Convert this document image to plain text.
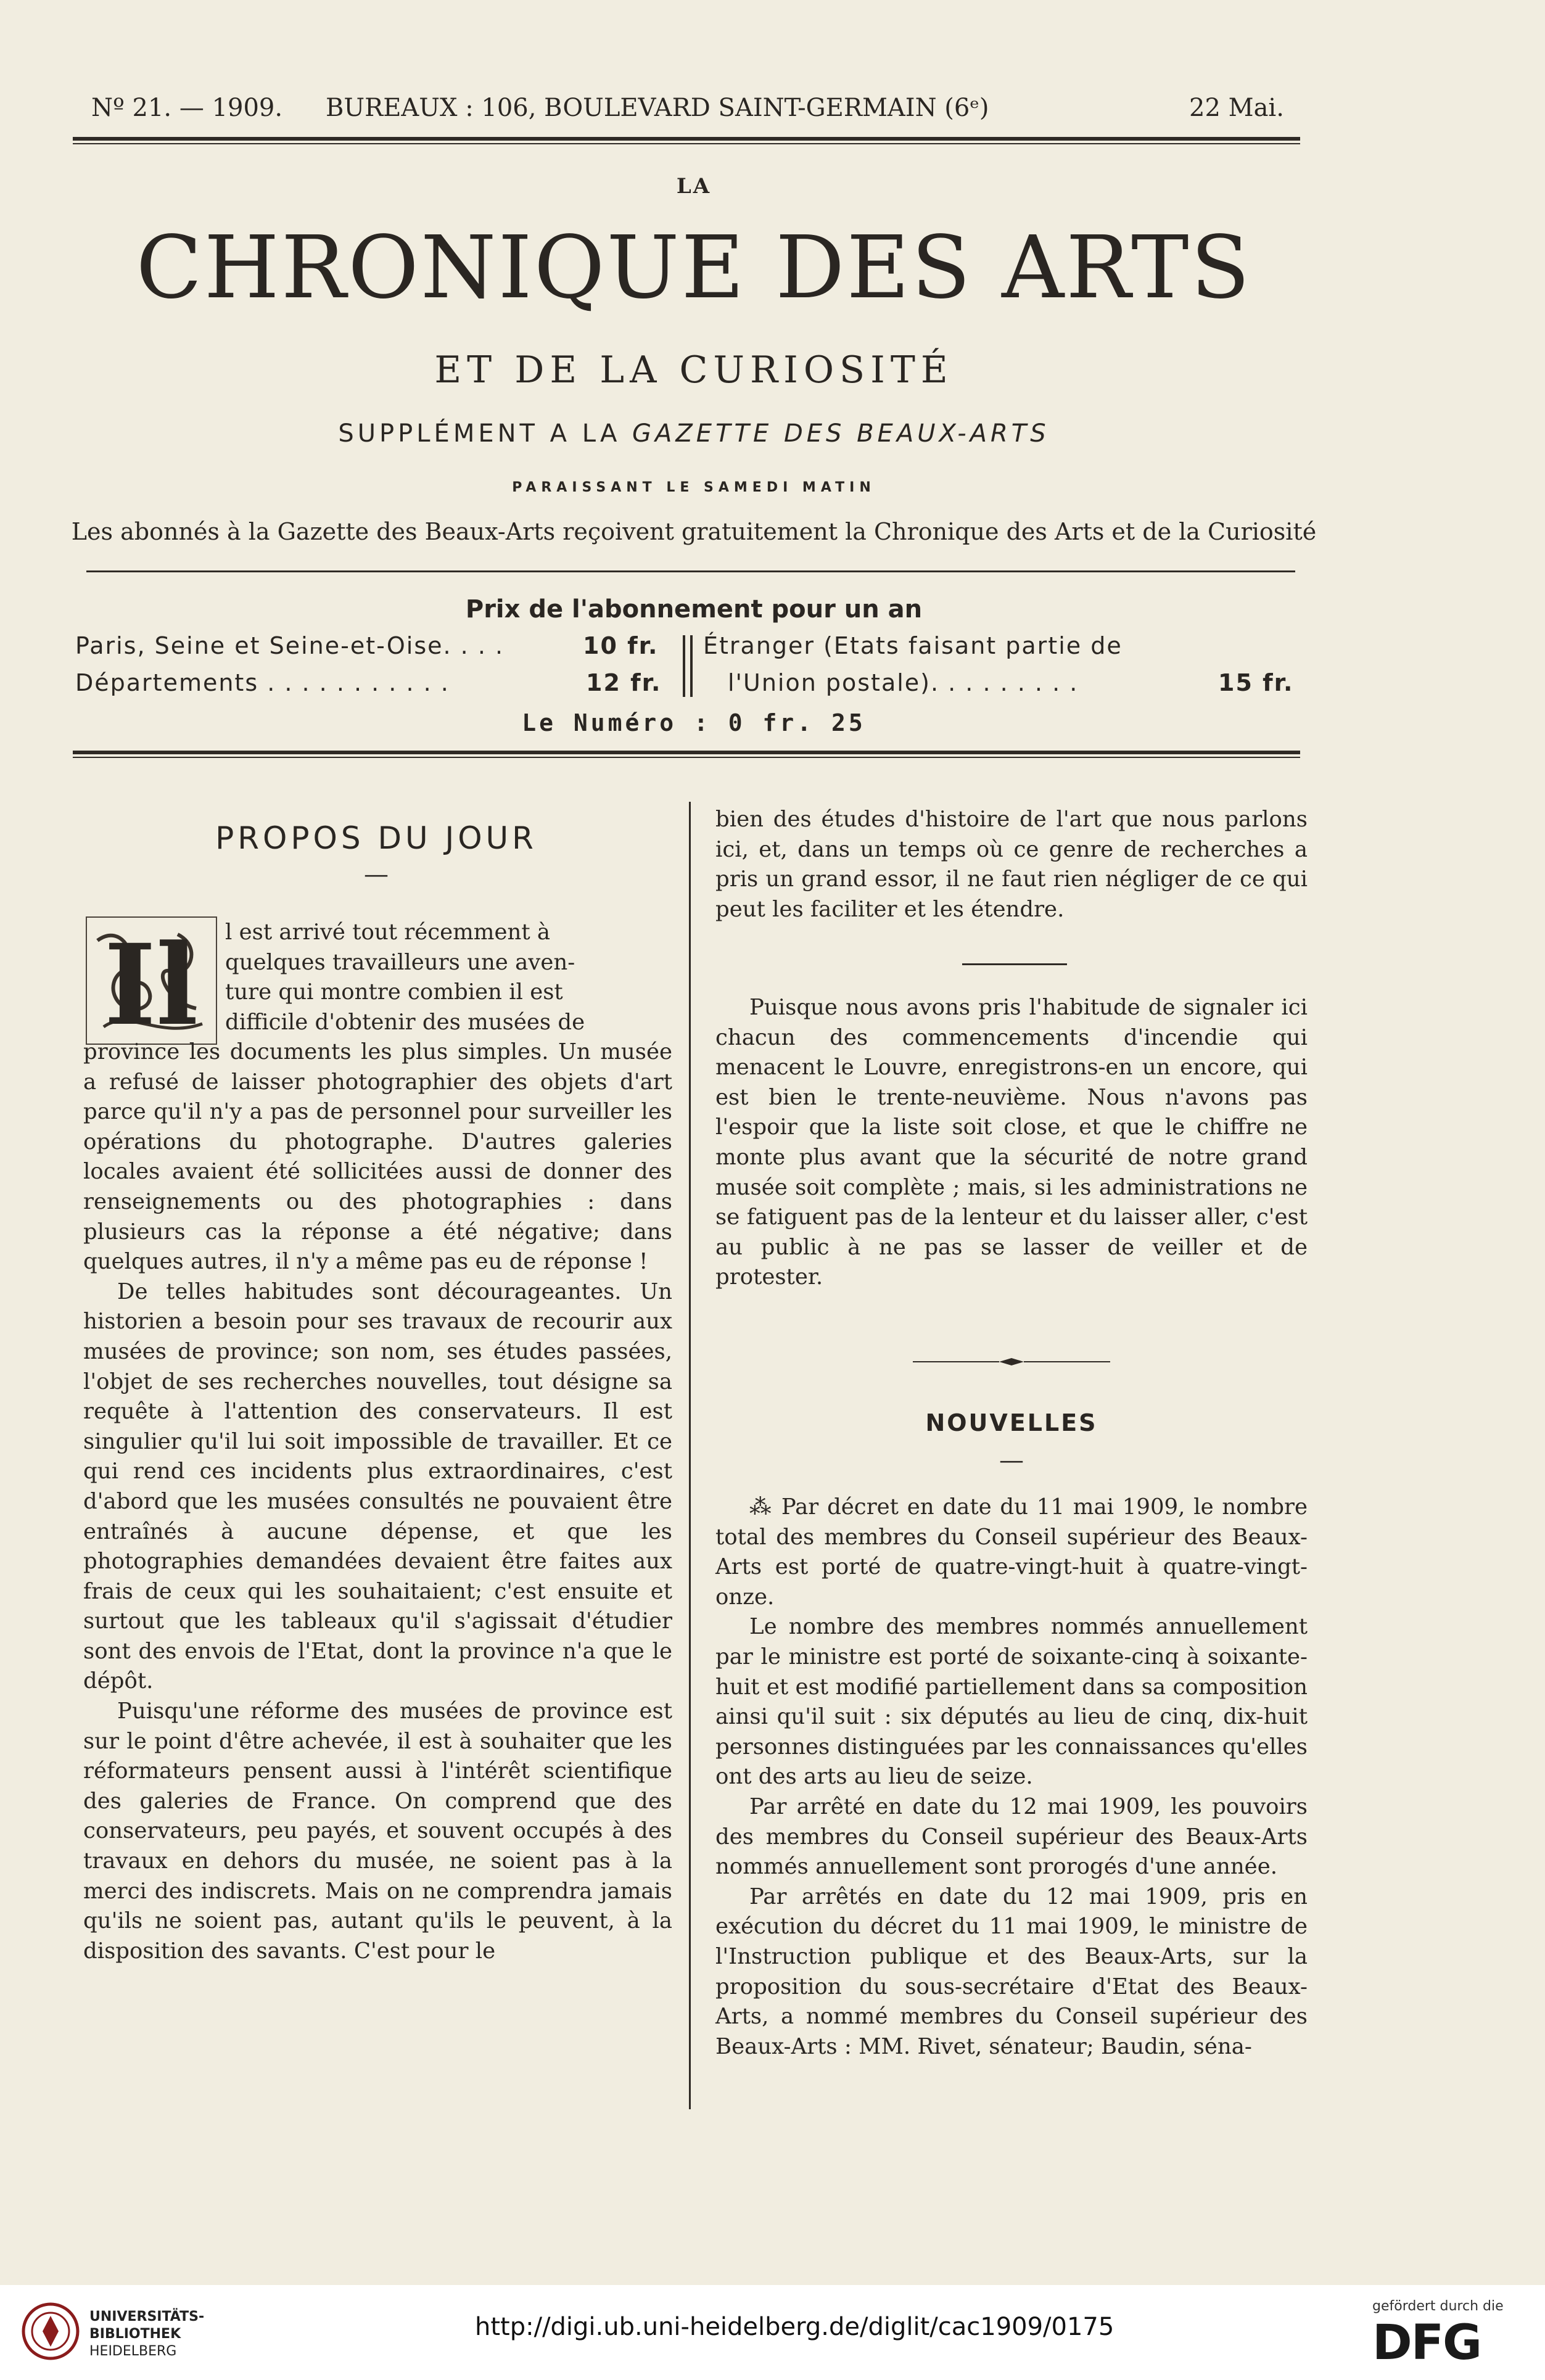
Nº 21. — 1909. BUREAUX : 106, BOULEVARD SAINT-GERMAIN (6ᵉ)	22 Mai.
LA
CHRONIQUE DES ARTS
ET DE LA CURIOSITÉ
SUPPLÉMENT A LA GAZETTE DES BEAUX-ARTS
PARAISSANT LE SAMEDI MATIN
Les abonnés à la Gazette des Beaux-Arts reçoivent gratuitement la Chronique des Arts et de la Curiosité
Prix de l'abonnement pour un an
Paris, Seine et Seine-et-Oise. . . .	10 fr.
Départements . . . . . . . . . . .	12 fr.
Étranger (Etats faisant partie de
l'Union postale). . . . . . . . .	15 fr.
Le Numéro : 0 fr. 25
PROPOS DU JOUR
—
Il l est arrivé tout récemment à

quelques travailleurs une aven-

ture qui montre combien il est

difficile d'obtenir des musées de

province les documents les plus simples. Un musée a refusé de laisser photographier des objets d'art parce qu'il n'y a pas de personnel pour surveiller les opérations du photographe. D'autres galeries locales avaient été sollicitées aussi de donner des renseignements ou des photographies : dans plusieurs cas la réponse a été négative; dans quelques autres, il n'y a même pas eu de réponse !

De telles habitudes sont décourageantes. Un historien a besoin pour ses travaux de recourir aux musées de province; son nom, ses études passées, l'objet de ses recherches nouvelles, tout désigne sa requête à l'attention des conservateurs. Il est singulier qu'il lui soit impossible de travailler. Et ce qui rend ces incidents plus extraordinaires, c'est d'abord que les musées consultés ne pouvaient être entraînés à aucune dépense, et que les photographies demandées devaient être faites aux frais de ceux qui les souhaitaient; c'est ensuite et surtout que les tableaux qu'il s'agissait d'étudier sont des envois de l'Etat, dont la province n'a que le dépôt.

Puisqu'une réforme des musées de province est sur le point d'être achevée, il est à souhaiter que les réformateurs pensent aussi à l'intérêt scientifique des galeries de France. On comprend que des conservateurs, peu payés, et souvent occupés à des travaux en dehors du musée, ne soient pas à la merci des indiscrets. Mais on ne comprendra jamais qu'ils ne soient pas, autant qu'ils le peuvent, à la disposition des savants. C'est pour le

bien des études d'histoire de l'art que nous parlons ici, et, dans un temps où ce genre de recherches a pris un grand essor, il ne faut rien négliger de ce qui peut les faciliter et les étendre.

Puisque nous avons pris l'habitude de signaler ici chacun des commencements d'incendie qui menacent le Louvre, enregistrons-en un encore, qui est bien le trente-neuvième. Nous n'avons pas l'espoir que la liste soit close, et que le chiffre ne monte plus avant que la sécurité de notre grand musée soit complète ; mais, si les administrations ne se fatiguent pas de la lenteur et du laisser aller, c'est au public à ne pas se lasser de veiller et de protester.

NOUVELLES
—

⁂ Par décret en date du 11 mai 1909, le nombre total des membres du Conseil supérieur des Beaux-Arts est porté de quatre-vingt-huit à quatre-vingt-onze.

Le nombre des membres nommés annuellement par le ministre est porté de soixante-cinq à soixante-huit et est modifié partiellement dans sa composition ainsi qu'il suit : six députés au lieu de cinq, dix-huit personnes distinguées par les connaissances qu'elles ont des arts au lieu de seize.

Par arrêté en date du 12 mai 1909, les pouvoirs des membres du Conseil supérieur des Beaux-Arts nommés annuellement sont prorogés d'une année.

Par arrêtés en date du 12 mai 1909, pris en exécution du décret du 11 mai 1909, le ministre de l'Instruction publique et des Beaux-Arts, sur la proposition du sous-secrétaire d'Etat des Beaux-Arts, a nommé membres du Conseil supérieur des Beaux-Arts : MM. Rivet, sénateur; Baudin, séna-

UNIVERSITÄTS-
BIBLIOTHEK
HEIDELBERG
http://digi.ub.uni-heidelberg.de/diglit/cac1909/0175
gefördert durch die
DFG
